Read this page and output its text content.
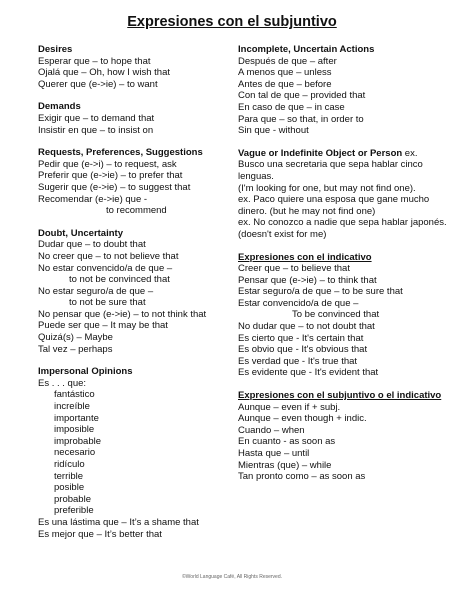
Expresiones con el subjuntivo
Desires
Esperar que – to hope that
Ojalá que – Oh, how I wish that
Querer que (e->ie) – to want
Demands
Exigir que – to demand that
Insistir en que – to insist on
Requests, Preferences, Suggestions
Pedir que (e->i) – to request, ask
Preferir que (e->ie) – to prefer that
Sugerir que (e->ie) – to suggest that
Recomendar (e->ie) que -
to recommend
Doubt, Uncertainty
Dudar que – to doubt that
No creer que – to not believe that
No estar convencido/a de que –
to not be convinced that
No estar seguro/a de que –
to not be sure that
No pensar que (e->ie) – to not think that
Puede ser que – It may be that
Quizá(s) – Maybe
Tal vez – perhaps
Impersonal Opinions
Es . . . que:
fantástico
increíble
importante
imposible
improbable
necesario
ridículo
terrible
posible
probable
preferible
Es una lástima que – It’s a shame that
Es mejor que – It’s better that
Incomplete, Uncertain Actions
Después de que – after
A menos que – unless
Antes de que – before
Con tal de que – provided that
En caso de que – in case
Para que – so that, in order to
Sin que - without
Vague or Indefinite Object or Person ex.
Busco una secretaria que sepa hablar cinco lenguas.
(I'm looking for one, but may not find one).
ex. Paco quiere una esposa que gane mucho dinero. (but he may not find one)
ex. No conozco a nadie que sepa hablar japonés. (doesn't exist for me)
Expresiones con el indicativo
Creer que – to believe that
Pensar que (e->ie) – to think that
Estar seguro/a de que – to be sure that
Estar convencido/a de que –
To be convinced that
No dudar que – to not doubt that
Es cierto que - It's certain that
Es obvio que - It's obvious that
Es verdad que - It's true that
Es evidente que - It's evident that
Expresiones con el subjuntivo o el indicativo
Aunque – even if + subj.
Aunque – even though + indic.
Cuando – when
En cuanto - as soon as
Hasta que – until
Mientras (que) – while
Tan pronto como – as soon as
©World Language Café, All Rights Reserved.
